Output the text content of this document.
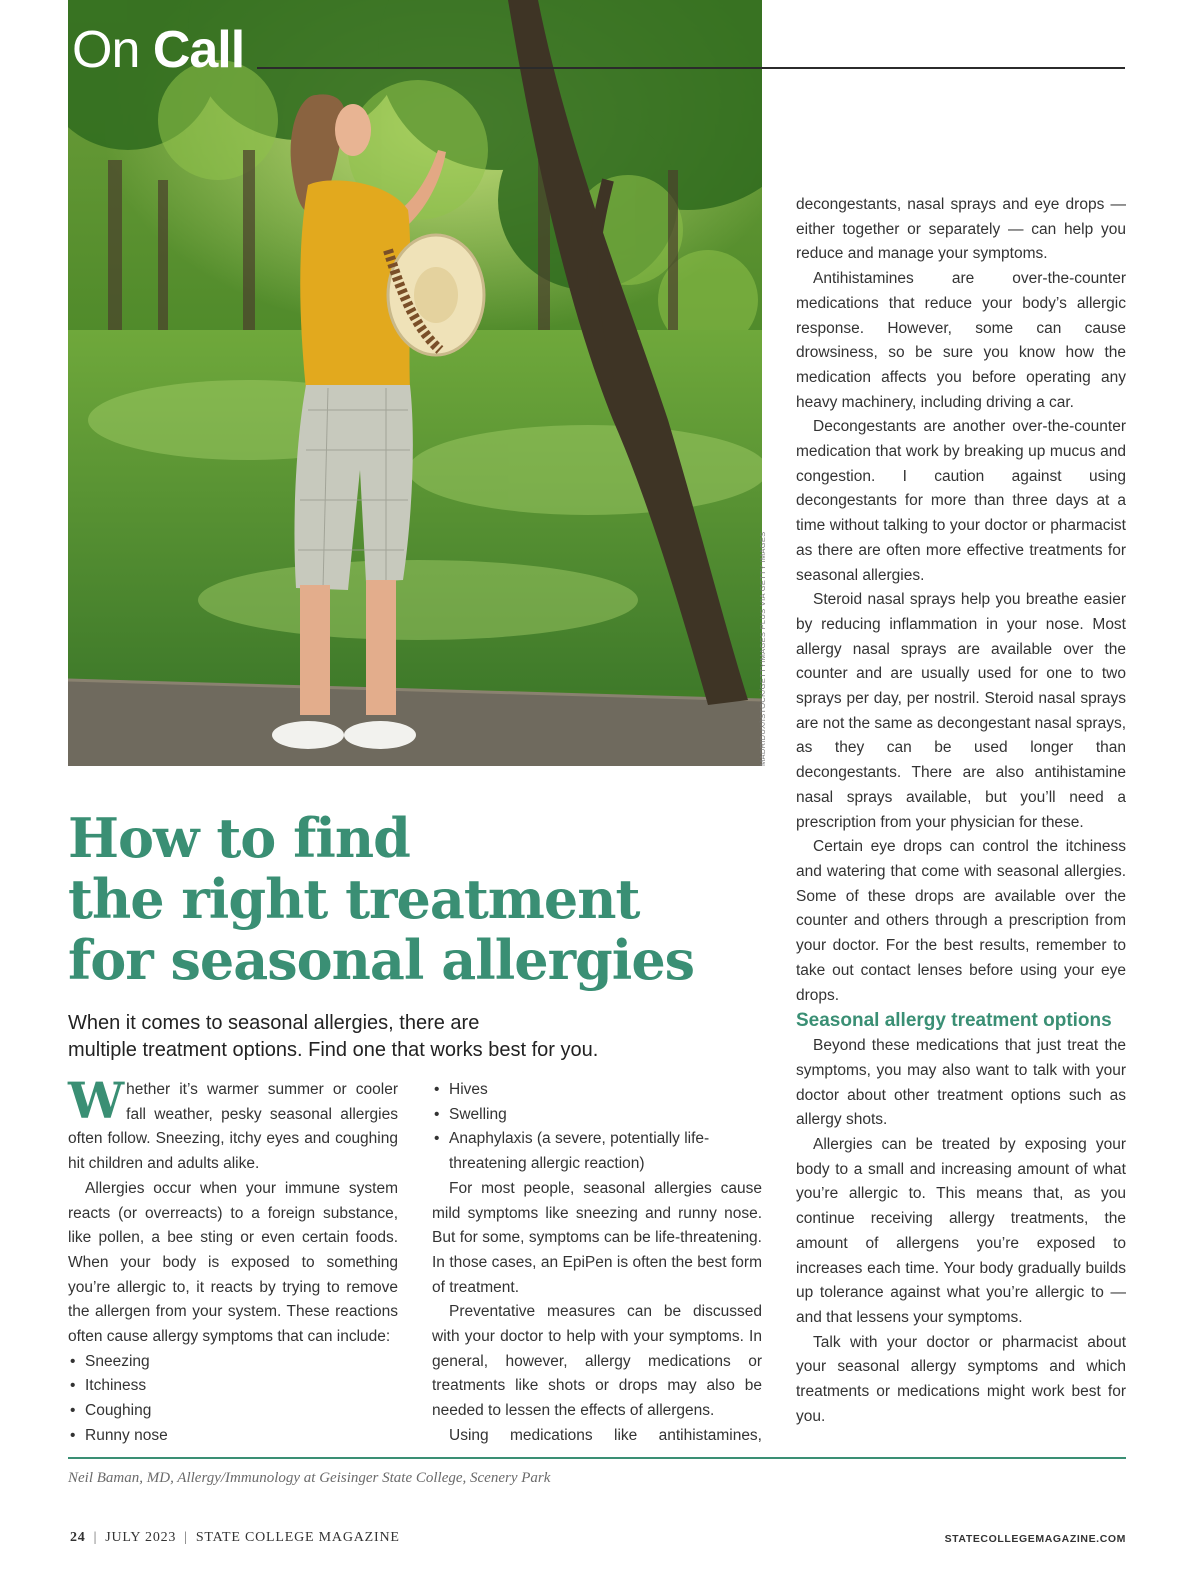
MADRIDUX/ISTOCK/GETTYIMAGES PLUS VIA GETTY IMAGES
On Call
How to find
the right treatment
for seasonal allergies
When it comes to seasonal allergies, there are
multiple treatment options. Find one that works best for you.

Whether it’s warmer summer or cooler fall weather, pesky seasonal allergies often follow. Sneezing, itchy eyes and coughing hit children and adults alike.

Allergies occur when your immune system reacts (or overreacts) to a foreign substance, like pollen, a bee sting or even certain foods. When your body is exposed to something you’re allergic to, it reacts by trying to remove the allergen from your system. These reactions often cause allergy symptoms that can include:

• Sneezing
• Itchiness
• Coughing
• Runny nose
• Hives
• Swelling
• Anaphylaxis (a severe, potentially life-threatening allergic reaction)

For most people, seasonal allergies cause mild symptoms like sneezing and runny nose. But for some, symptoms can be life-threatening. In those cases, an EpiPen is often the best form of treatment.

Preventative measures can be discussed with your doctor to help with your symptoms. In general, however, allergy medications or treatments like shots or drops may also be needed to lessen the effects of allergens.

Using medications like antihistamines,

decongestants, nasal sprays and eye drops — either together or separately — can help you reduce and manage your symptoms.

Antihistamines are over-the-counter medications that reduce your body’s allergic response. However, some can cause drowsiness, so be sure you know how the medication affects you before operating any heavy machinery, including driving a car.

Decongestants are another over-the-counter medication that work by breaking up mucus and congestion. I caution against using decongestants for more than three days at a time without talking to your doctor or pharmacist as there are often more effective treatments for seasonal allergies.

Steroid nasal sprays help you breathe easier by reducing inflammation in your nose. Most allergy nasal sprays are available over the counter and are usually used for one to two sprays per day, per nostril. Steroid nasal sprays are not the same as decongestant nasal sprays, as they can be used longer than decongestants. There are also antihistamine nasal sprays available, but you’ll need a prescription from your physician for these.

Certain eye drops can control the itchiness and watering that come with seasonal allergies. Some of these drops are available over the counter and others through a prescription from your doctor. For the best results, remember to take out contact lenses before using your eye drops.

Seasonal allergy treatment options

Beyond these medications that just treat the symptoms, you may also want to talk with your doctor about other treatment options such as allergy shots.

Allergies can be treated by exposing your body to a small and increasing amount of what you’re allergic to. This means that, as you continue receiving allergy treatments, the amount of allergens you’re exposed to increases each time. Your body gradually builds up tolerance against what you’re allergic to — and that lessens your symptoms.

Talk with your doctor or pharmacist about your seasonal allergy symptoms and which treatments or medications might work best for you.

Neil Baman, MD, Allergy/Immunology at Geisinger State College, Scenery Park
24 | JULY 2023 | STATE COLLEGE MAGAZINE	STATECOLLEGEMAGAZINE.COM
